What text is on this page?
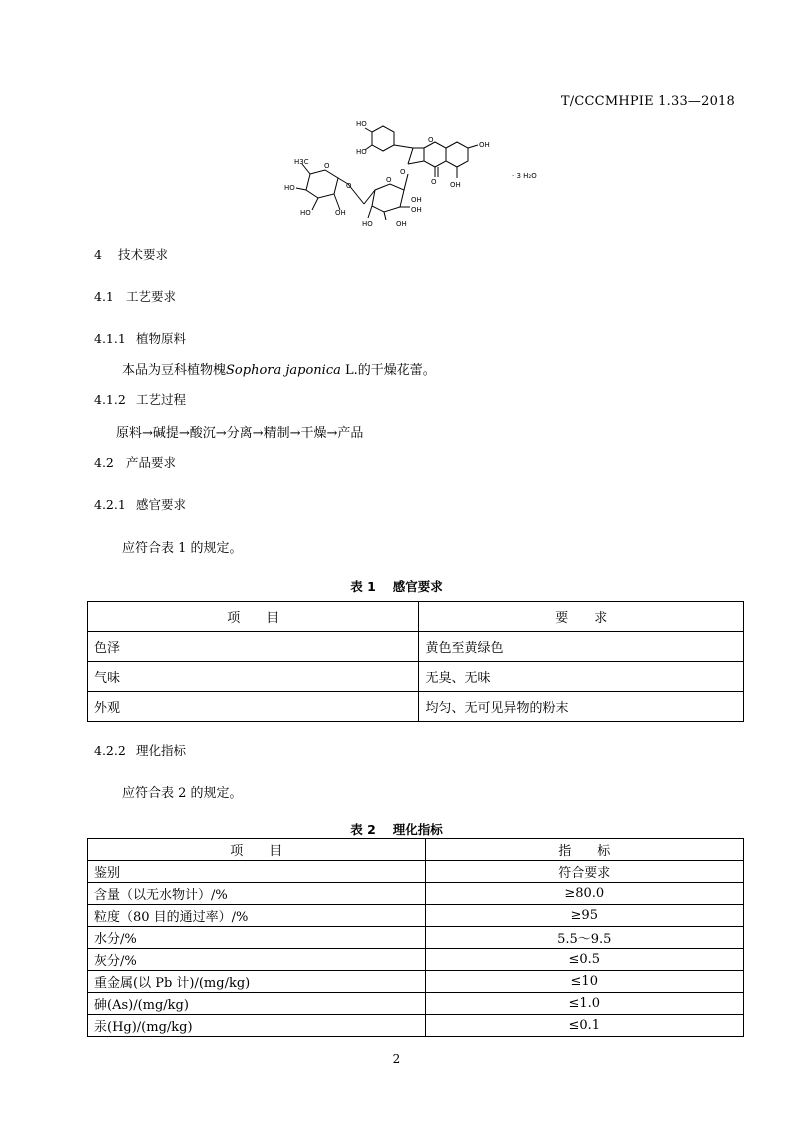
T/CCCMHPIE 1.33—2018
HO
HO
O
OH
H3C O
O
HO
HO	OH
O
O
OH
HO	OH
OH
O OH
· 3 H₂O
4 技术要求
4.1 工艺要求
4.1.1 植物原料
本品为豆科植物槐Sophora japonica L.的干燥花蕾。
4.1.2 工艺过程
原料→碱提→酸沉→分离→精制→干燥→产品
4.2 产品要求
4.2.1 感官要求
应符合表 1 的规定。
表 1　 感官要求
项　　目	要　　求
色泽	黄色至黄绿色
气味	无臭、无味
外观	均匀、无可见异物的粉末
4.2.2 理化指标
应符合表 2 的规定。
表 2　 理化指标
项　　目	指　　标
鉴别	符合要求
含量（以无水物计）/%	≥80.0
粒度（80 目的通过率）/%	≥95
水分/%	5.5～9.5
灰分/%	≤0.5
重金属(以 Pb 计)/(mg/kg)	≤10
砷(As)/(mg/kg)	≤1.0
汞(Hg)/(mg/kg)	≤0.1
2
